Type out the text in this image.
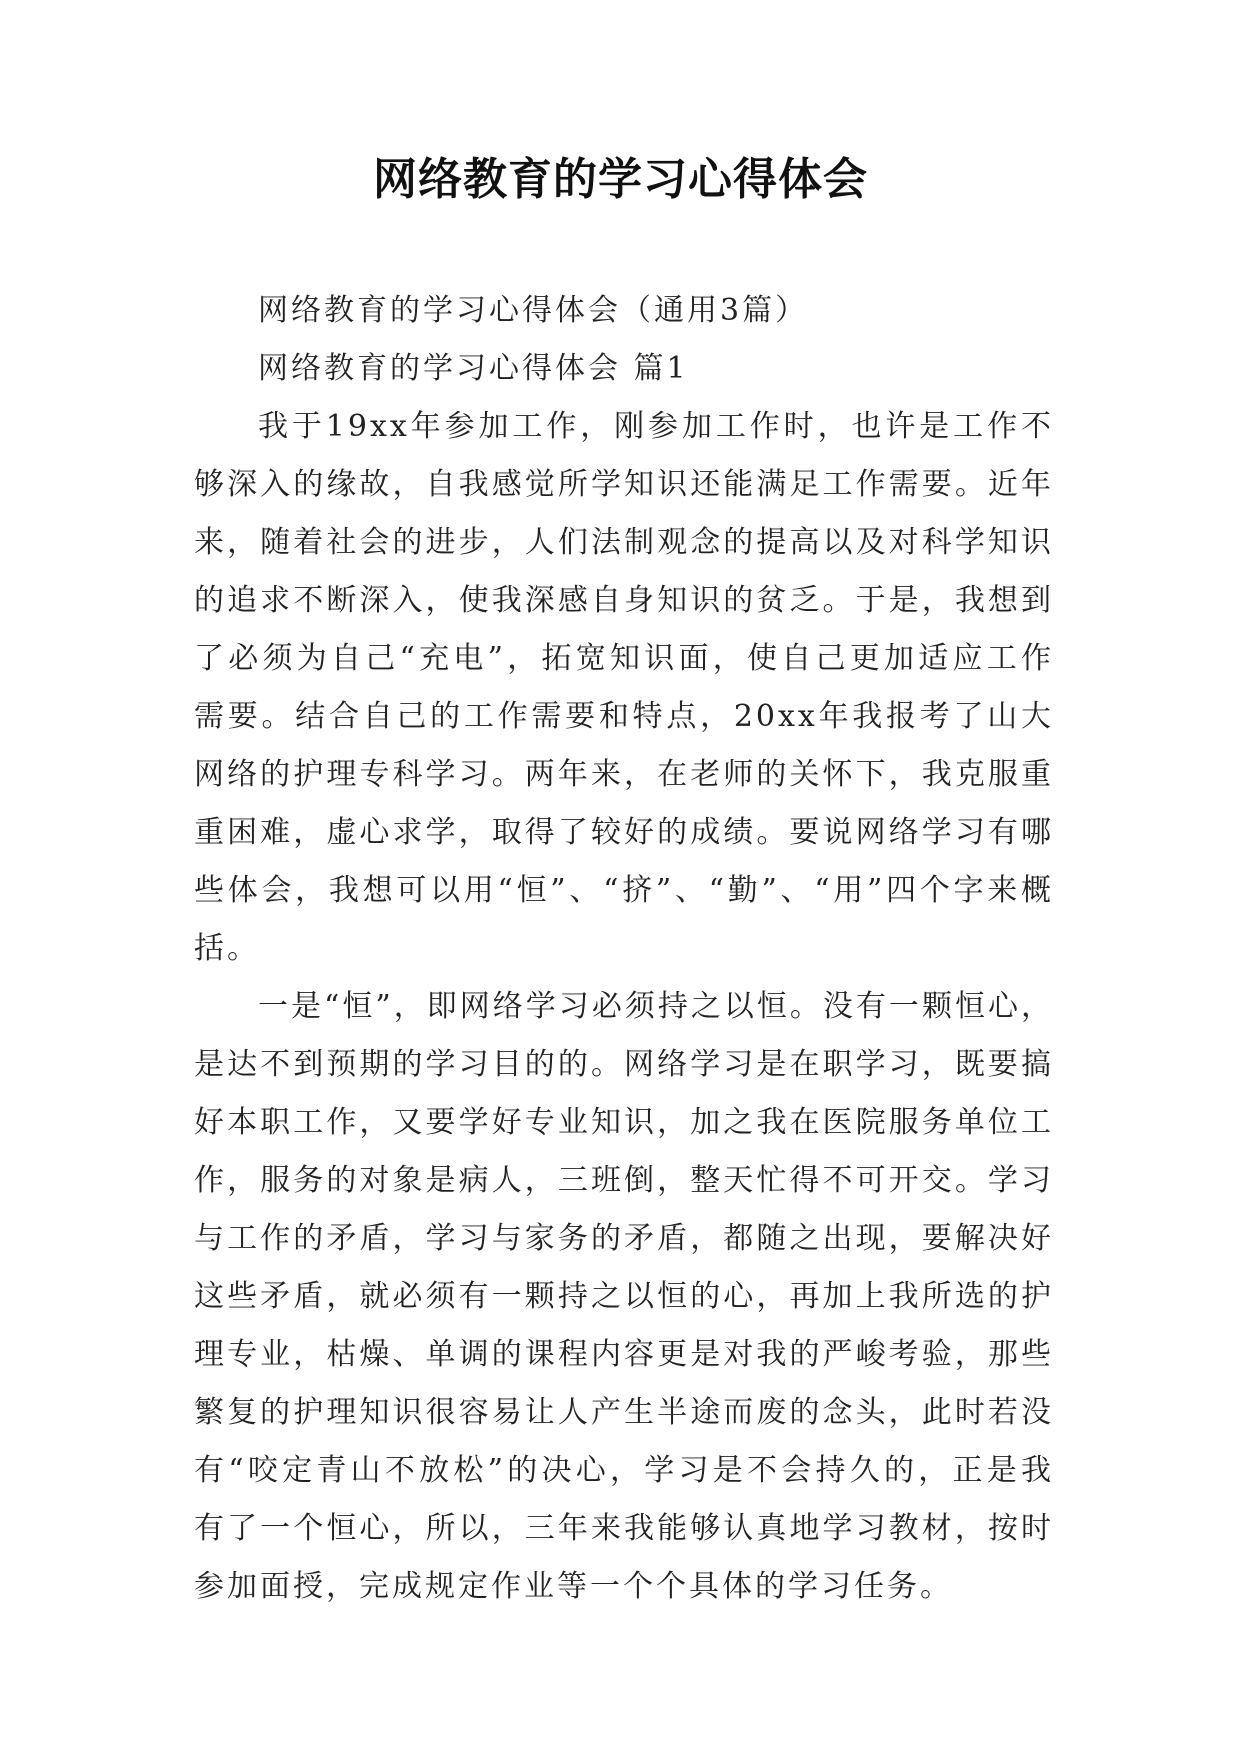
网络教育的学习心得体会

网络教育的学习心得体会（通用3篇）

网络教育的学习心得体会 篇1

我于19xx年参加工作，刚参加工作时，也许是工作不够深入的缘故，自我感觉所学知识还能满足工作需要。近年来，随着社会的进步，人们法制观念的提高以及对科学知识的追求不断深入，使我深感自身知识的贫乏。于是，我想到了必须为自己“充电”，拓宽知识面，使自己更加适应工作需要。结合自己的工作需要和特点，20xx年我报考了山大网络的护理专科学习。两年来，在老师的关怀下，我克服重重困难，虚心求学，取得了较好的成绩。要说网络学习有哪些体会，我想可以用“恒”、“挤”、“勤”、“用”四个字来概括。

一是“恒”，即网络学习必须持之以恒。没有一颗恒心，是达不到预期的学习目的的。网络学习是在职学习，既要搞好本职工作，又要学好专业知识，加之我在医院服务单位工作，服务的对象是病人，三班倒，整天忙得不可开交。学习与工作的矛盾，学习与家务的矛盾，都随之出现，要解决好这些矛盾，就必须有一颗持之以恒的心，再加上我所选的护理专业，枯燥、单调的课程内容更是对我的严峻考验，那些繁复的护理知识很容易让人产生半途而废的念头，此时若没有“咬定青山不放松”的决心，学习是不会持久的，正是我有了一个恒心，所以，三年来我能够认真地学习教材，按时参加面授，完成规定作业等一个个具体的学习任务。
